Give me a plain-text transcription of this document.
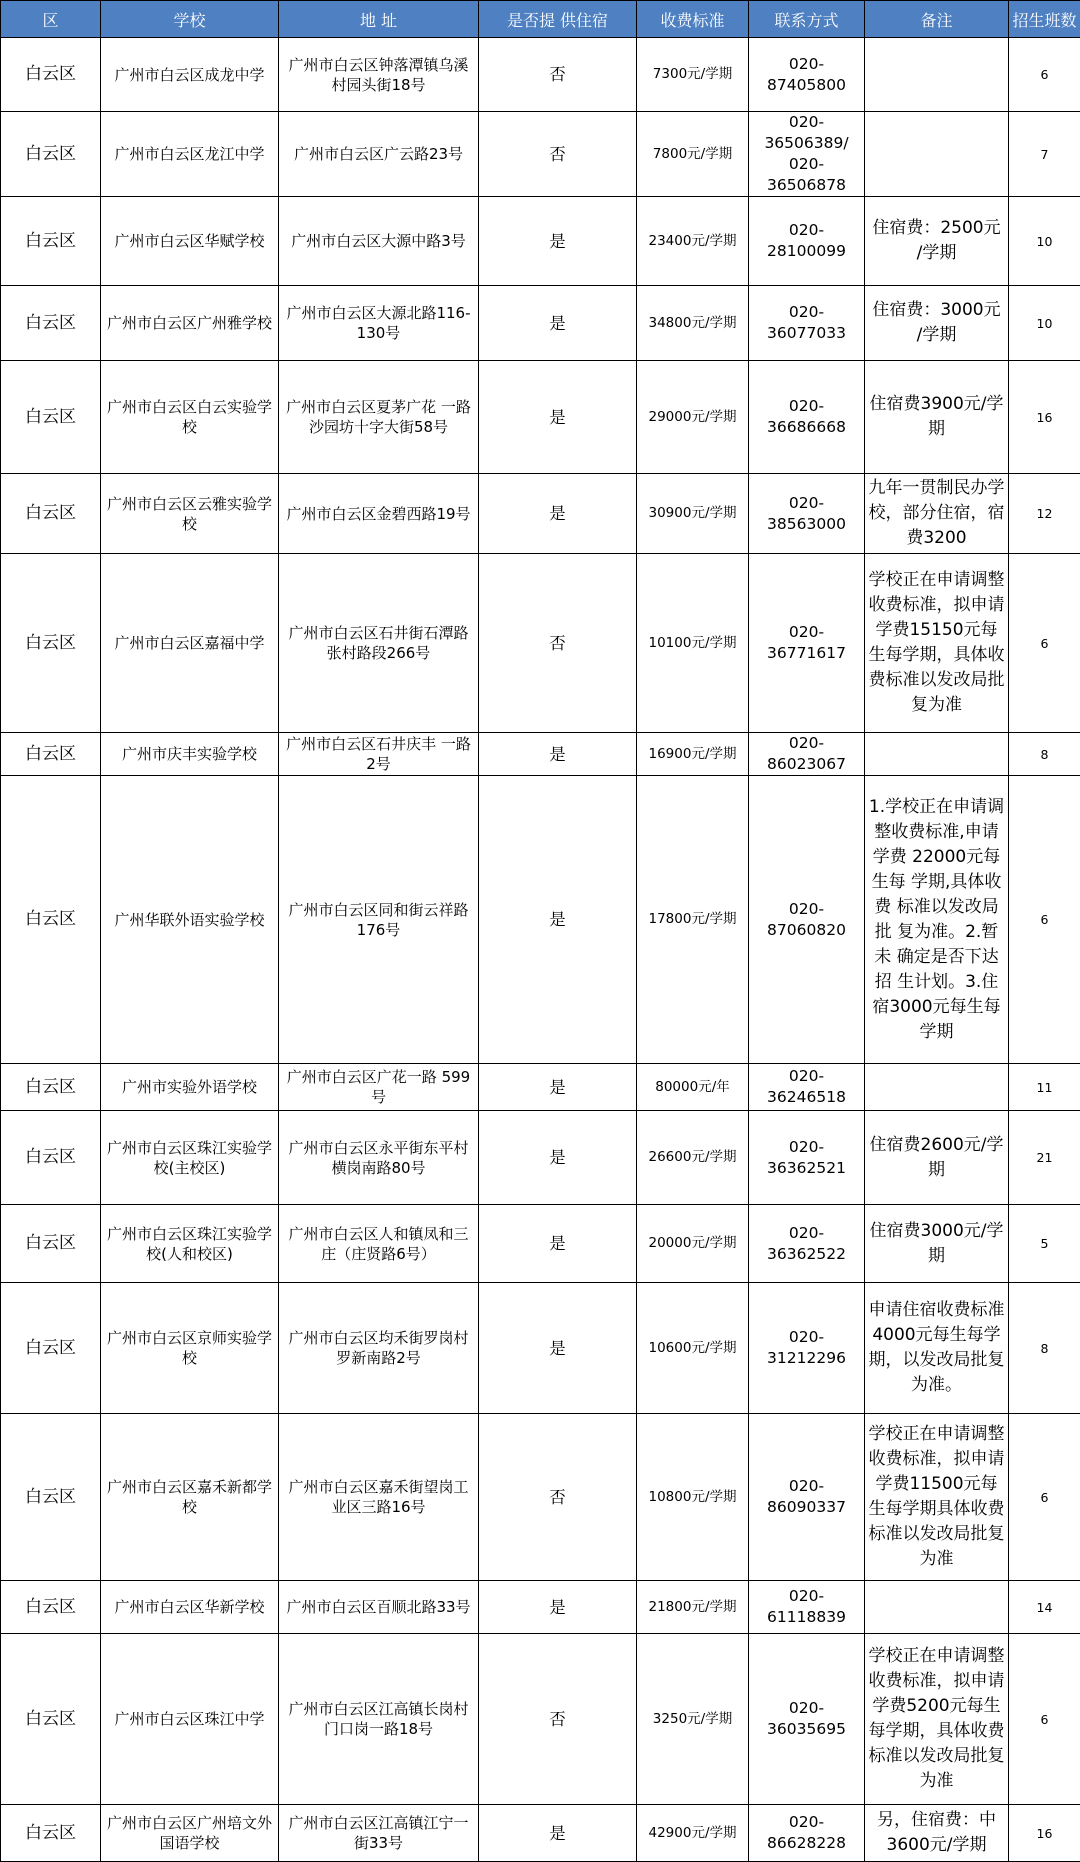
区	学校	地 址	是否提 供住宿	收费标准	联系方式	备注	招生班数
白云区	广州市白云区成龙中学	广州市白云区钟落潭镇乌溪村园头街18号	否	7300元/学期	020-87405800		6
白云区	广州市白云区龙江中学	广州市白云区广云路23号	否	7800元/学期	020-36506389/ 020-36506878		7
白云区	广州市白云区华赋学校	广州市白云区大源中路3号	是	23400元/学期	020-28100099	住宿费：2500元 /学期	10
白云区	广州市白云区广州雅学校	广州市白云区大源北路116-130号	是	34800元/学期	020-36077033	住宿费：3000元 /学期	10
白云区	广州市白云区白云实验学校	广州市白云区夏茅广花 一路沙园坊十字大街58号	是	29000元/学期	020-36686668	住宿费3900元/学期	16
白云区	广州市白云区云雅实验学校	广州市白云区金碧西路19号	是	30900元/学期	020-38563000	九年一贯制民办学校，部分住宿，宿费3200	12
白云区	广州市白云区嘉福中学	广州市白云区石井街石潭路张村路段266号	否	10100元/学期	020-36771617	学校正在申请调整收费标准，拟申请学费15150元每生每学期，具体收费标准以发改局批复为准	6
白云区	广州市庆丰实验学校	广州市白云区石井庆丰 一路2号	是	16900元/学期	020-86023067		8
白云区	广州华联外语实验学校	广州市白云区同和街云祥路176号	是	17800元/学期	020-87060820	1.学校正在申请调整收费标准,申请学费 22000元每生每 学期,具体收费 标准以发改局批 复为准。2.暂未 确定是否下达招 生计划。3.住宿3000元每生每学期	6
白云区	广州市实验外语学校	广州市白云区广花一路 599号	是	80000元/年	020-36246518		11
白云区	广州市白云区珠江实验学校(主校区)	广州市白云区永平街东平村横岗南路80号	是	26600元/学期	020-36362521	住宿费2600元/学期	21
白云区	广州市白云区珠江实验学校(人和校区)	广州市白云区人和镇凤和三庄（庄贤路6号）	是	20000元/学期	020-36362522	住宿费3000元/学期	5
白云区	广州市白云区京师实验学校	广州市白云区均禾街罗岗村罗新南路2号	是	10600元/学期	020-31212296	申请住宿收费标准4000元每生每学期，以发改局批复为准。	8
白云区	广州市白云区嘉禾新都学校	广州市白云区嘉禾街望岗工业区三路16号	否	10800元/学期	020-86090337	学校正在申请调整收费标准，拟申请学费11500元每生每学期具体收费标准以发改局批复为准	6
白云区	广州市白云区华新学校	广州市白云区百顺北路33号	是	21800元/学期	020-61118839		14
白云区	广州市白云区珠江中学	广州市白云区江高镇长岗村门口岗一路18号	否	3250元/学期	020-36035695	学校正在申请调整收费标准，拟申请学费5200元每生每学期，具体收费标准以发改局批复为准	6
白云区	广州市白云区广州培文外国语学校	广州市白云区江高镇江宁一街33号	是	42900元/学期	020-86628228	另，住宿费：中 3600元/学期	16
